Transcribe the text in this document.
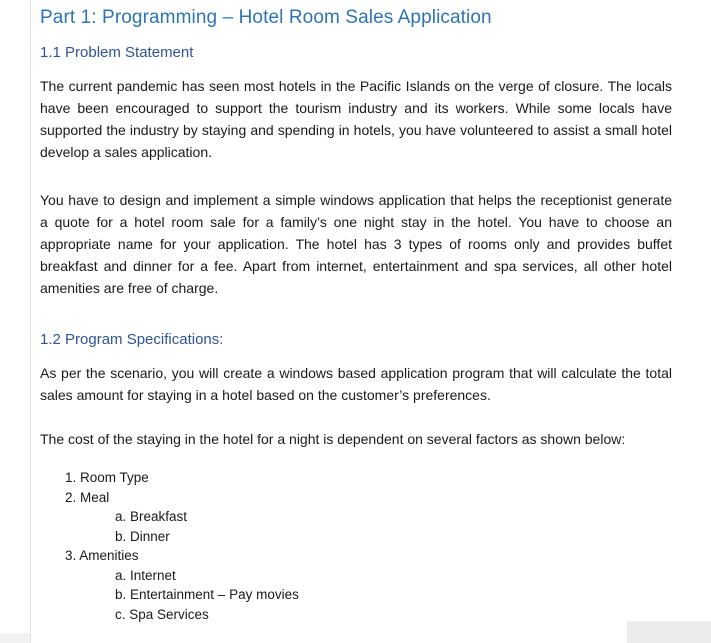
Part 1: Programming – Hotel Room Sales Application
1.1 Problem Statement

The current pandemic has seen most hotels in the Pacific Islands on the verge of closure. The locals have been encouraged to support the tourism industry and its workers. While some locals have supported the industry by staying and spending in hotels, you have volunteered to assist a small hotel develop a sales application.

You have to design and implement a simple windows application that helps the receptionist generate a quote for a hotel room sale for a family’s one night stay in the hotel. You have to choose an appropriate name for your application. The hotel has 3 types of rooms only and provides buffet breakfast and dinner for a fee. Apart from internet, entertainment and spa services, all other hotel amenities are free of charge.

1.2 Program Specifications:

As per the scenario, you will create a windows based application program that will calculate the total sales amount for staying in a hotel based on the customer’s preferences.

The cost of the staying in the hotel for a night is dependent on several factors as shown below:

1. Room Type
2. Meal
a. Breakfast
b. Dinner
3. Amenities
a. Internet
b. Entertainment – Pay movies
c. Spa Services
